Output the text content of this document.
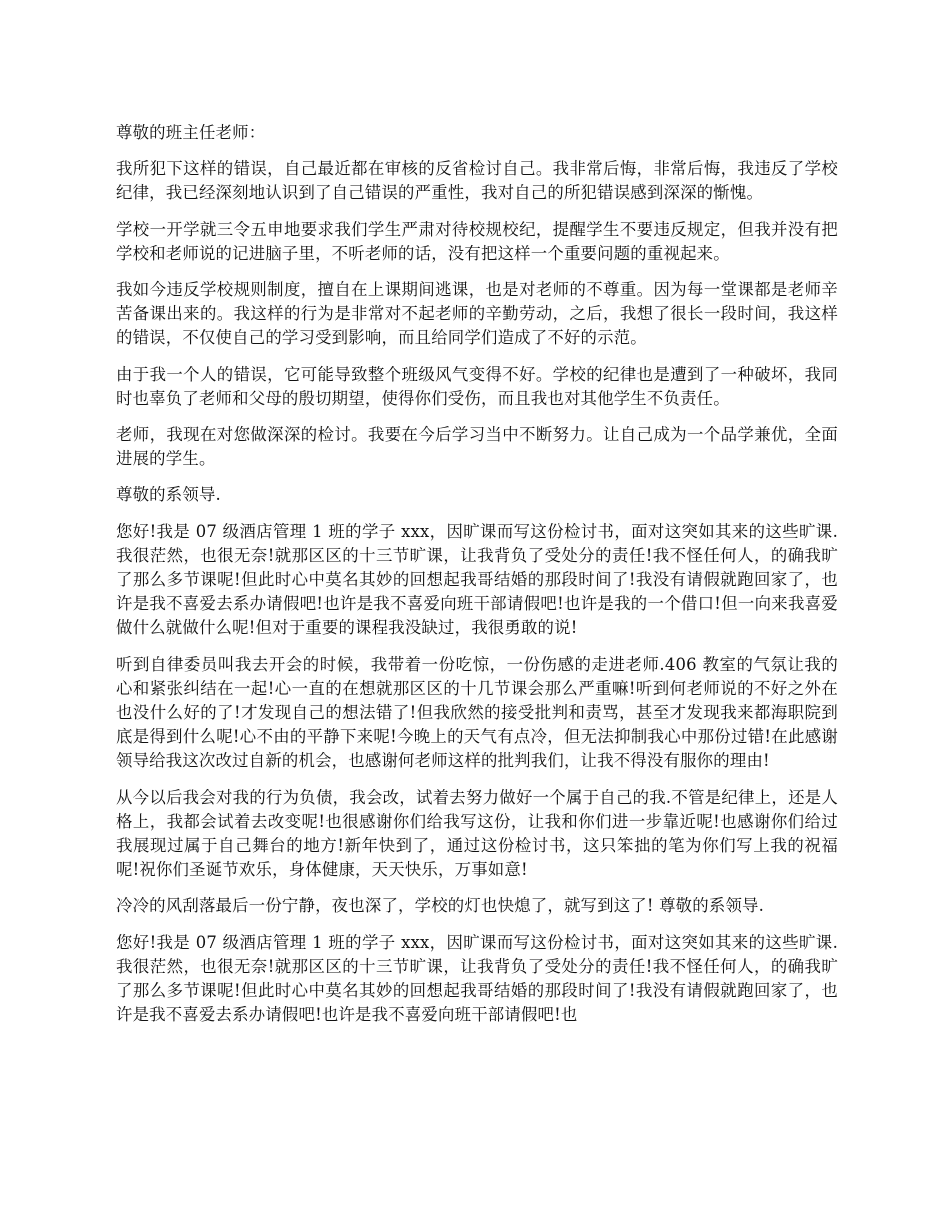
尊敬的班主任老师：

我所犯下这样的错误，自己最近都在审核的反省检讨自己。我非常后悔，非常后悔，我违反了学校纪律，我已经深刻地认识到了自己错误的严重性，我对自己的所犯错误感到深深的惭愧。

学校一开学就三令五申地要求我们学生严肃对待校规校纪，提醒学生不要违反规定，但我并没有把学校和老师说的记进脑子里，不听老师的话，没有把这样一个重要问题的重视起来。

我如今违反学校规则制度，擅自在上课期间逃课，也是对老师的不尊重。因为每一堂课都是老师辛苦备课出来的。我这样的行为是非常对不起老师的辛勤劳动，之后，我想了很长一段时间，我这样的错误，不仅使自己的学习受到影响，而且给同学们造成了不好的示范。

由于我一个人的错误，它可能导致整个班级风气变得不好。学校的纪律也是遭到了一种破坏，我同时也辜负了老师和父母的殷切期望，使得你们受伤，而且我也对其他学生不负责任。

老师，我现在对您做深深的检讨。我要在今后学习当中不断努力。让自己成为一个品学兼优，全面进展的学生。

尊敬的系领导.

您好!我是 07 级酒店管理 1 班的学子 xxx，因旷课而写这份检讨书，面对这突如其来的这些旷课.我很茫然，也很无奈!就那区区的十三节旷课，让我背负了受处分的责任!我不怪任何人，的确我旷了那么多节课呢!但此时心中莫名其妙的回想起我哥结婚的那段时间了!我没有请假就跑回家了，也许是我不喜爱去系办请假吧!也许是我不喜爱向班干部请假吧!也许是我的一个借口!但一向来我喜爱做什么就做什么呢!但对于重要的课程我没缺过，我很勇敢的说!

听到自律委员叫我去开会的时候，我带着一份吃惊，一份伤感的走进老师.406 教室的气氛让我的心和紧张纠结在一起!心一直的在想就那区区的十几节课会那么严重嘛!听到何老师说的不好之外在也没什么好的了!才发现自己的想法错了!但我欣然的接受批判和责骂，甚至才发现我来都海职院到底是得到什么呢!心不由的平静下来呢!今晚上的天气有点冷，但无法抑制我心中那份过错!在此感谢领导给我这次改过自新的机会，也感谢何老师这样的批判我们，让我不得没有服你的理由!

从今以后我会对我的行为负债，我会改，试着去努力做好一个属于自己的我.不管是纪律上，还是人格上，我都会试着去改变呢!也很感谢你们给我写这份，让我和你们进一步靠近呢!也感谢你们给过我展现过属于自己舞台的地方!新年快到了，通过这份检讨书，这只笨拙的笔为你们写上我的祝福呢!祝你们圣诞节欢乐，身体健康，天天快乐，万事如意!

冷冷的风刮落最后一份宁静，夜也深了，学校的灯也快熄了，就写到这了! 尊敬的系领导.

您好!我是 07 级酒店管理 1 班的学子 xxx，因旷课而写这份检讨书，面对这突如其来的这些旷课.我很茫然，也很无奈!就那区区的十三节旷课，让我背负了受处分的责任!我不怪任何人，的确我旷了那么多节课呢!但此时心中莫名其妙的回想起我哥结婚的那段时间了!我没有请假就跑回家了，也许是我不喜爱去系办请假吧!也许是我不喜爱向班干部请假吧!也
